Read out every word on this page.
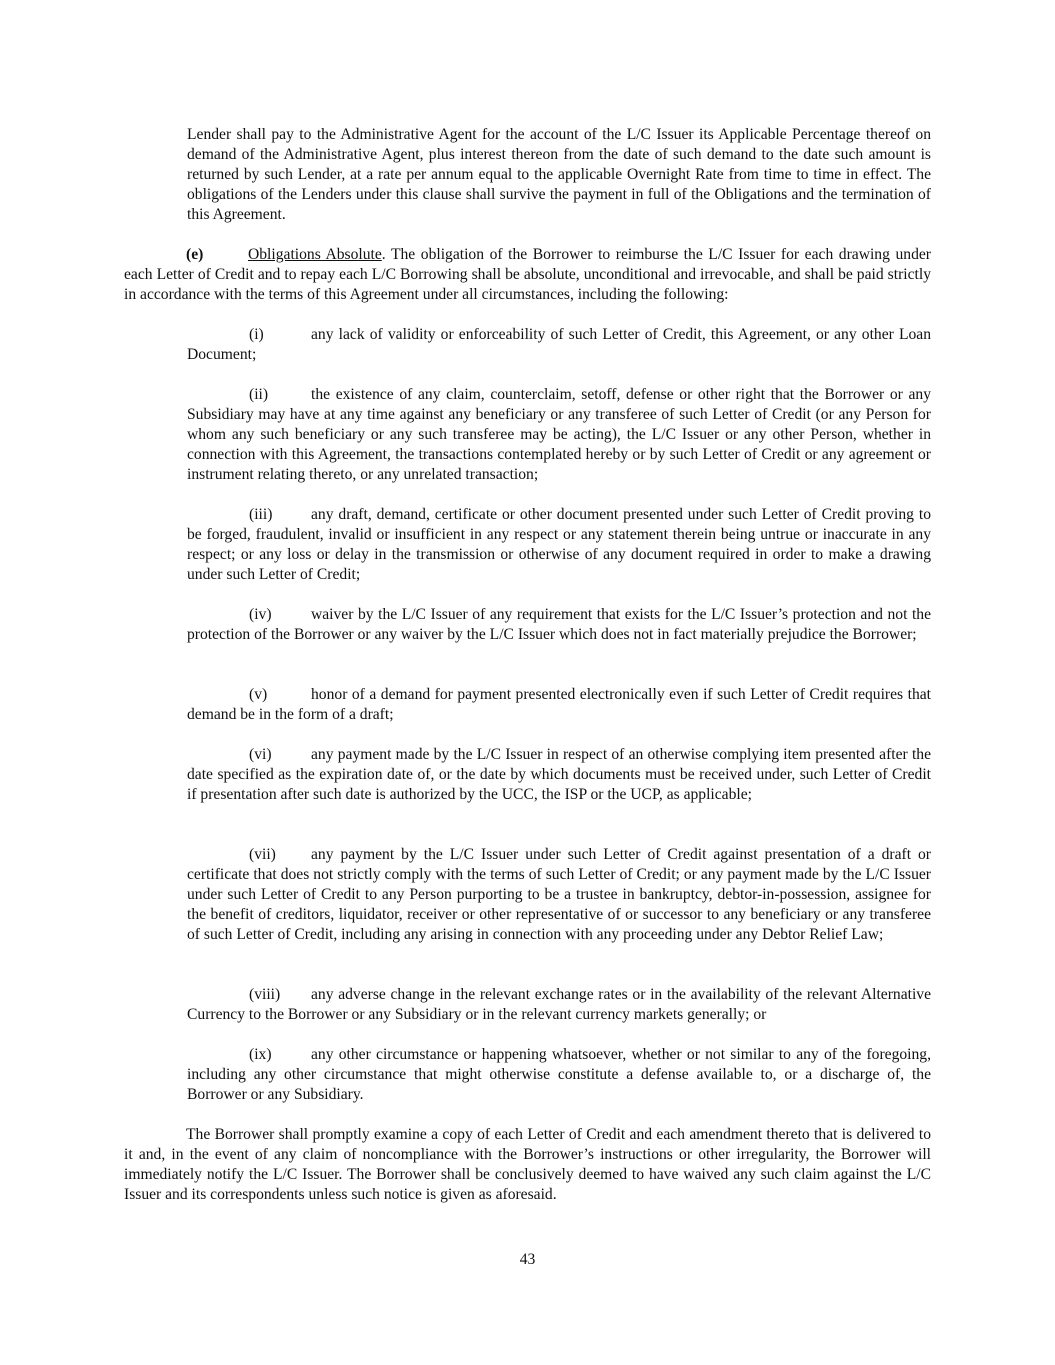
Lender shall pay to the Administrative Agent for the account of the L/C Issuer its Applicable Percentage thereof on demand of the Administrative Agent, plus interest thereon from the date of such demand to the date such amount is returned by such Lender, at a rate per annum equal to the applicable Overnight Rate from time to time in effect. The obligations of the Lenders under this clause shall survive the payment in full of the Obligations and the termination of this Agreement.

(e)	Obligations Absolute. The obligation of the Borrower to reimburse the L/C Issuer for each drawing under each Letter of Credit and to repay each L/C Borrowing shall be absolute, unconditional and irrevocable, and shall be paid strictly in accordance with the terms of this Agreement under all circumstances, including the following:

(i)	any lack of validity or enforceability of such Letter of Credit, this Agreement, or any other Loan Document;

(ii)	the existence of any claim, counterclaim, setoff, defense or other right that the Borrower or any Subsidiary may have at any time against any beneficiary or any transferee of such Letter of Credit (or any Person for whom any such beneficiary or any such transferee may be acting), the L/C Issuer or any other Person, whether in connection with this Agreement, the transactions contemplated hereby or by such Letter of Credit or any agreement or instrument relating thereto, or any unrelated transaction;

(iii) any draft, demand, certificate or other document presented under such Letter of Credit proving to be forged, fraudulent, invalid or insufficient in any respect or any statement therein being untrue or inaccurate in any respect; or any loss or delay in the transmission or otherwise of any document required in order to make a drawing under such Letter of Credit;

(iv)	waiver by the L/C Issuer of any requirement that exists for the L/C Issuer’s protection and not the protection of the Borrower or any waiver by the L/C Issuer which does not in fact materially prejudice the Borrower;

(v)	honor of a demand for payment presented electronically even if such Letter of Credit requires that demand be in the form of a draft;

(vi)	any payment made by the L/C Issuer in respect of an otherwise complying item presented after the date specified as the expiration date of, or the date by which documents must be received under, such Letter of Credit if presentation after such date is authorized by the UCC, the ISP or the UCP, as applicable;

(vii) any payment by the L/C Issuer under such Letter of Credit against presentation of a draft or certificate that does not strictly comply with the terms of such Letter of Credit; or any payment made by the L/C Issuer under such Letter of Credit to any Person purporting to be a trustee in bankruptcy, debtor-in-possession, assignee for the benefit of creditors, liquidator, receiver or other representative of or successor to any beneficiary or any transferee of such Letter of Credit, including any arising in connection with any proceeding under any Debtor Relief Law;

(viii) any adverse change in the relevant exchange rates or in the availability of the relevant Alternative Currency to the Borrower or any Subsidiary or in the relevant currency markets generally; or

(ix)	any other circumstance or happening whatsoever, whether or not similar to any of the foregoing, including any other circumstance that might otherwise constitute a defense available to, or a discharge of, the Borrower or any Subsidiary.

The Borrower shall promptly examine a copy of each Letter of Credit and each amendment thereto that is delivered to it and, in the event of any claim of noncompliance with the Borrower’s instructions or other irregularity, the Borrower will immediately notify the L/C Issuer. The Borrower shall be conclusively deemed to have waived any such claim against the L/C Issuer and its correspondents unless such notice is given as aforesaid.

43
